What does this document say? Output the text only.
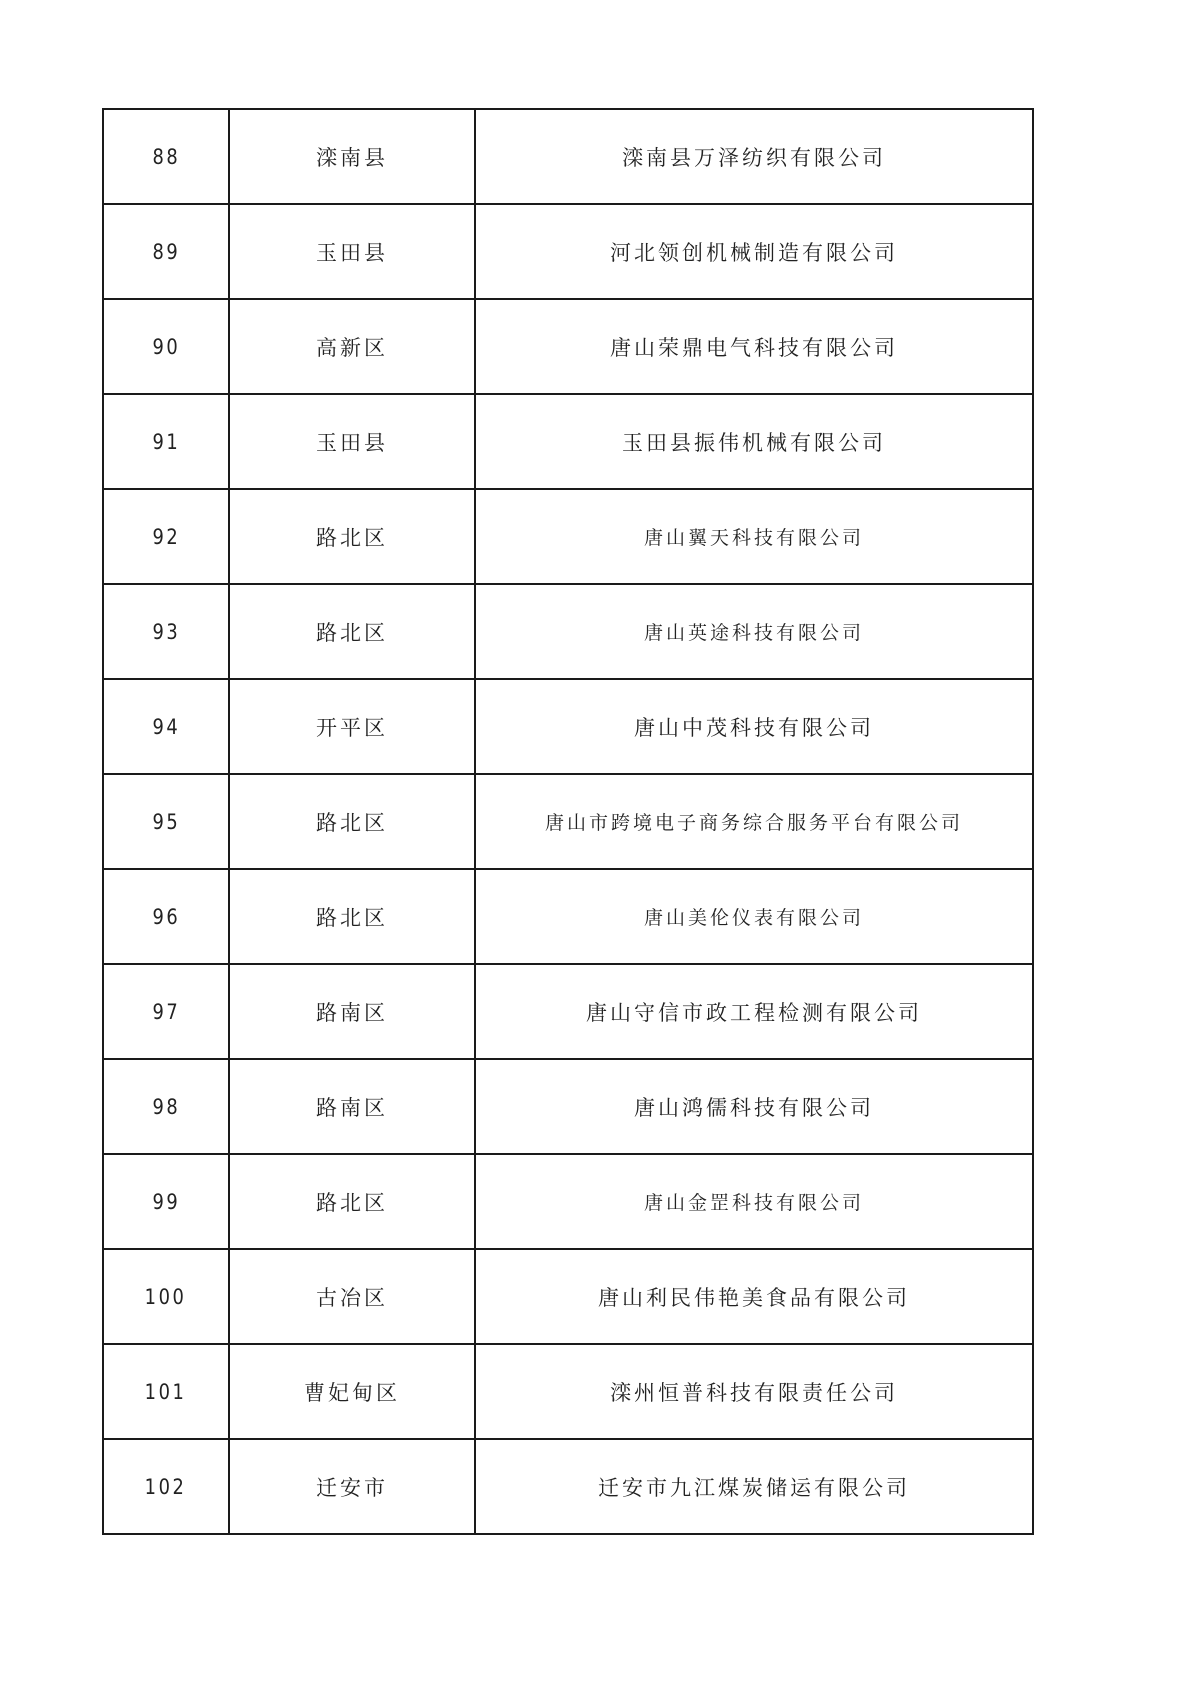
88	滦南县	滦南县万泽纺织有限公司
89	玉田县	河北领创机械制造有限公司
90	高新区	唐山荣鼎电气科技有限公司
91	玉田县	玉田县振伟机械有限公司
92	路北区	唐山翼天科技有限公司
93	路北区	唐山英途科技有限公司
94	开平区	唐山中茂科技有限公司
95	路北区	唐山市跨境电子商务综合服务平台有限公司
96	路北区	唐山美伦仪表有限公司
97	路南区	唐山守信市政工程检测有限公司
98	路南区	唐山鸿儒科技有限公司
99	路北区	唐山金罡科技有限公司
100	古冶区	唐山利民伟艳美食品有限公司
101	曹妃甸区	滦州恒普科技有限责任公司
102	迁安市	迁安市九江煤炭储运有限公司
